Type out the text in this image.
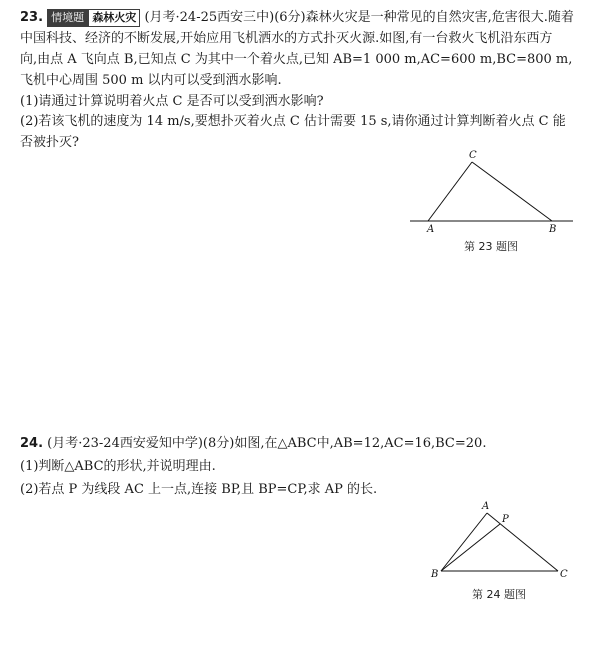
23. 情境题 森林火灾 (月考·24-25西安三中)(6分)森林火灾是一种常见的自然灾害,危害很大.随着
中国科技、经济的不断发展,开始应用飞机洒水的方式扑灭火源.如图,有一台救火飞机沿东西方
向,由点 A 飞向点 B,已知点 C 为其中一个着火点,已知 AB=1 000 m,AC=600 m,BC=800 m,
飞机中心周围 500 m 以内可以受到洒水影响.
(1)请通过计算说明着火点 C 是否可以受到洒水影响?
(2)若该飞机的速度为 14 m/s,要想扑灭着火点 C 估计需要 15 s,请你通过计算判断着火点 C 能
否被扑灭?
C
A	B
第 23 题图
24. (月考·23-24西安爱知中学)(8分)如图,在△ABC中,AB=12,AC=16,BC=20.
(1)判断△ABC的形状,并说明理由.
(2)若点 P 为线段 AC 上一点,连接 BP,且 BP=CP,求 AP 的长.
A
P
B	C
第 24 题图
